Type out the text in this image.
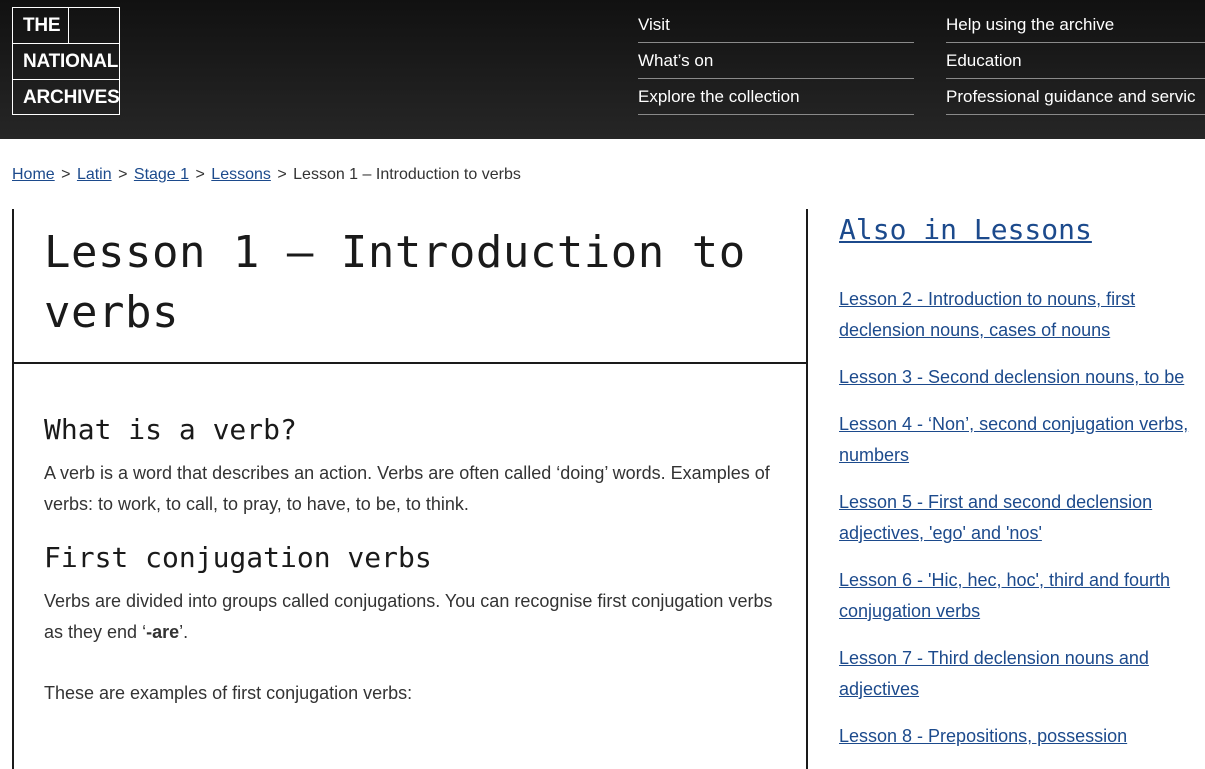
THE
NATIONAL
ARCHIVES
Visit
What’s on
Explore the collection
Help using the archive
Education
Professional guidance and servic
Home > Latin > Stage 1 > Lessons > Lesson 1 – Introduction to verbs
Lesson 1 – Introduction to verbs
What is a verb?

A verb is a word that describes an action. Verbs are often called ‘doing’ words. Examples of verbs: to work, to call, to pray, to have, to be, to think.

First conjugation verbs

Verbs are divided into groups called conjugations. You can recognise first conjugation verbs as they end ‘-are’.

These are examples of first conjugation verbs:

Also in Lessons
Lesson 2 - Introduction to nouns, first declension nouns, cases of nouns
Lesson 3 - Second declension nouns, to be
Lesson 4 - ‘Non’, second conjugation verbs, numbers
Lesson 5 - First and second declension adjectives, 'ego' and 'nos'
Lesson 6 - 'Hic, hec, hoc', third and fourth conjugation verbs
Lesson 7 - Third declension nouns and adjectives
Lesson 8 - Prepositions, possession
